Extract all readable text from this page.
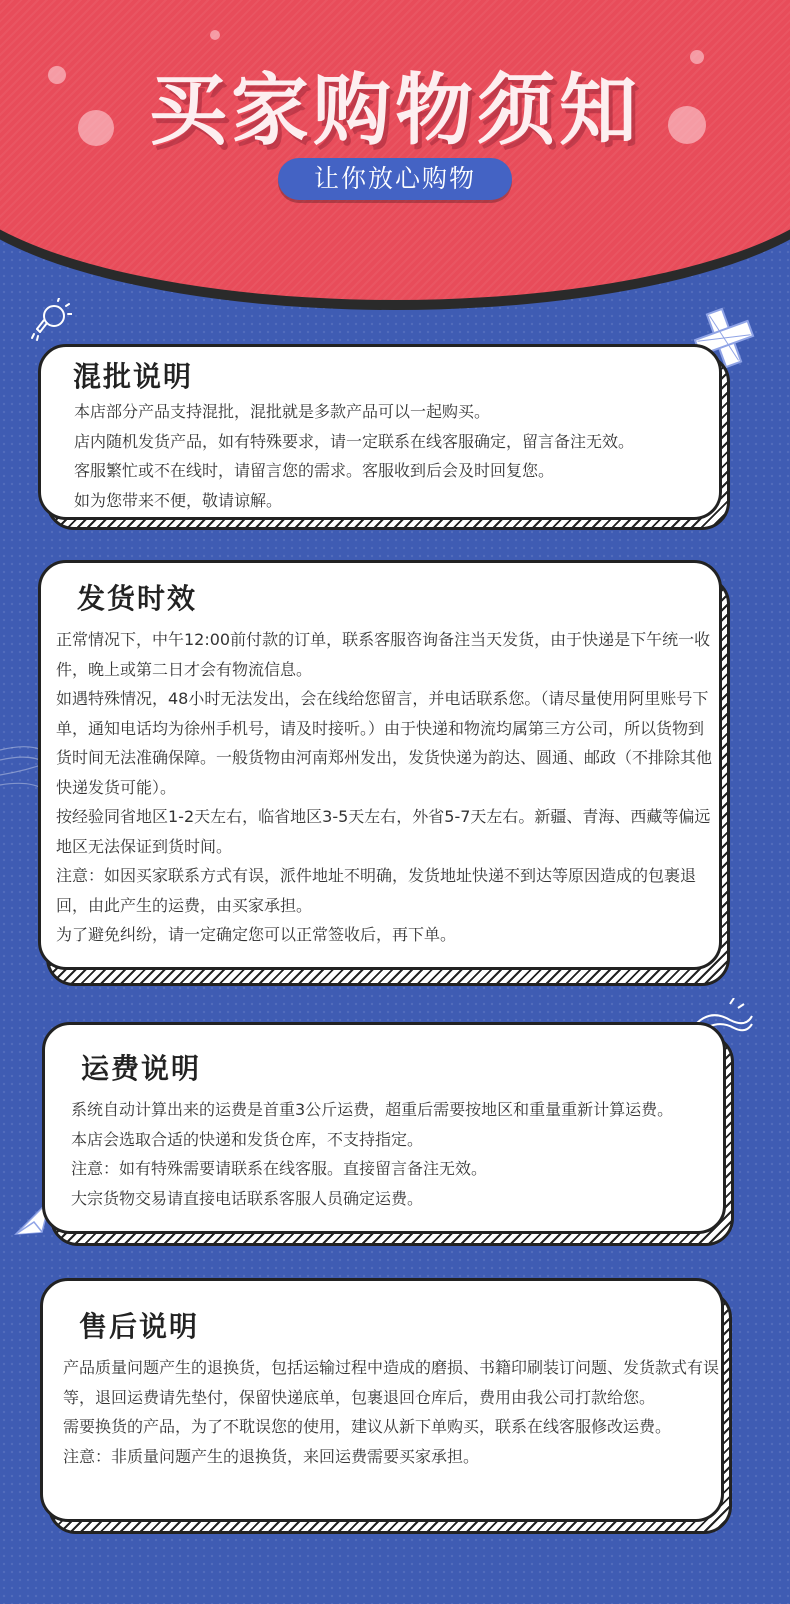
买家购物须知
让你放心购物
混批说明

本店部分产品支持混批，混批就是多款产品可以一起购买。

店内随机发货产品，如有特殊要求，请一定联系在线客服确定，留言备注无效。

客服繁忙或不在线时，请留言您的需求。客服收到后会及时回复您。

如为您带来不便，敬请谅解。

发货时效

正常情况下，中午12:00前付款的订单，联系客服咨询备注当天发货，由于快递是下午统一收件，晚上或第二日才会有物流信息。

如遇特殊情况，48小时无法发出，会在线给您留言，并电话联系您。（请尽量使用阿里账号下单，通知电话均为徐州手机号，请及时接听。）由于快递和物流均属第三方公司，所以货物到货时间无法准确保障。一般货物由河南郑州发出，发货快递为韵达、圆通、邮政（不排除其他快递发货可能）。

按经验同省地区1-2天左右，临省地区3-5天左右，外省5-7天左右。新疆、青海、西藏等偏远地区无法保证到货时间。

注意：如因买家联系方式有误，派件地址不明确，发货地址快递不到达等原因造成的包裹退回，由此产生的运费，由买家承担。

为了避免纠纷，请一定确定您可以正常签收后，再下单。

运费说明

系统自动计算出来的运费是首重3公斤运费，超重后需要按地区和重量重新计算运费。

本店会选取合适的快递和发货仓库，不支持指定。

注意：如有特殊需要请联系在线客服。直接留言备注无效。

大宗货物交易请直接电话联系客服人员确定运费。

售后说明

产品质量问题产生的退换货，包括运输过程中造成的磨损、书籍印刷装订问题、发货款式有误等，退回运费请先垫付，保留快递底单，包裹退回仓库后，费用由我公司打款给您。

需要换货的产品，为了不耽误您的使用，建议从新下单购买，联系在线客服修改运费。

注意：非质量问题产生的退换货，来回运费需要买家承担。
